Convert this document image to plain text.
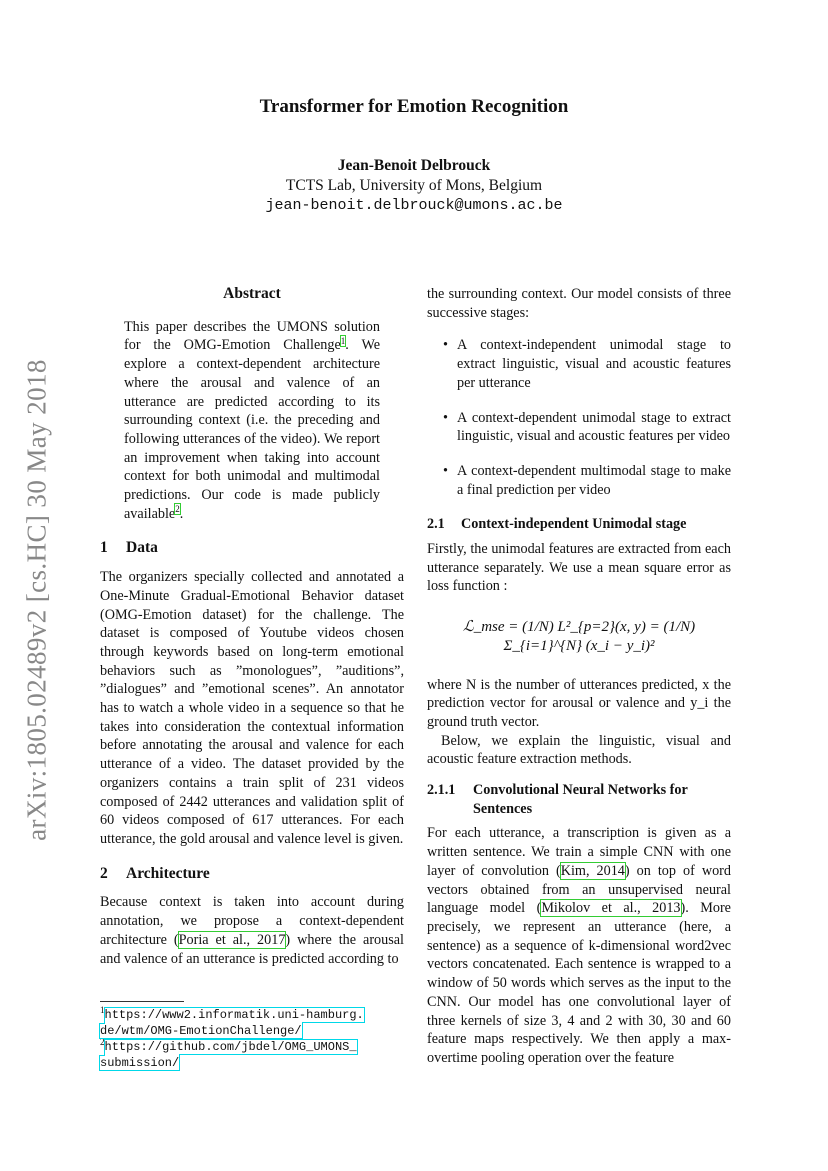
arXiv:1805.02489v2 [cs.HC] 30 May 2018
Transformer for Emotion Recognition
Jean-Benoit Delbrouck
TCTS Lab, University of Mons, Belgium
jean-benoit.delbrouck@umons.ac.be
Abstract

This paper describes the UMONS solution for the OMG-Emotion Challenge$^1$. We explore a context-dependent architecture where the arousal and valence of an utterance are predicted according to its surrounding context (i.e. the preceding and following utterances of the video). We report an improvement when taking into account context for both unimodal and multimodal predictions. Our code is made publicly available$^2$.

1 Data

The organizers specially collected and annotated a One-Minute Gradual-Emotional Behavior dataset (OMG-Emotion dataset) for the challenge. The dataset is composed of Youtube videos chosen through keywords based on long-term emotional behaviors such as ”monologues”, ”auditions”, ”dialogues” and ”emotional scenes”. An annotator has to watch a whole video in a sequence so that he takes into consideration the contextual information before annotating the arousal and valence for each utterance of a video. The dataset provided by the organizers contains a train split of 231 videos composed of 2442 utterances and validation split of 60 videos composed of 617 utterances. For each utterance, the gold arousal and valence level is given.

2 Architecture

Because context is taken into account during annotation, we propose a context-dependent architecture (Poria et al., 2017) where the arousal and valence of an utterance is predicted according to

$^1$https://www2.informatik.uni-hamburg.
de/wtm/OMG-EmotionChallenge/
$^2$https://github.com/jbdel/OMG_UMONS_
submission/

the surrounding context. Our model consists of three successive stages:

• A context-independent unimodal stage to extract linguistic, visual and acoustic features per utterance
• A context-dependent unimodal stage to extract linguistic, visual and acoustic features per video
• A context-dependent multimodal stage to make a final prediction per video
2.1 Context-independent Unimodal stage

Firstly, the unimodal features are extracted from each utterance separately. We use a mean square error as loss function :

ℒ_mse = (1/N) L²_{p=2}(x, y) = (1/N) Σ_{i=1}^{N} (x_i − y_i)²

where N is the number of utterances predicted, x the prediction vector for arousal or valence and y_i the ground truth vector.

Below, we explain the linguistic, visual and acoustic feature extraction methods.

2.1.1	Convolutional Neural Networks for Sentences

For each utterance, a transcription is given as a written sentence. We train a simple CNN with one layer of convolution (Kim, 2014) on top of word vectors obtained from an unsupervised neural language model (Mikolov et al., 2013). More precisely, we represent an utterance (here, a sentence) as a sequence of k-dimensional word2vec vectors concatenated. Each sentence is wrapped to a window of 50 words which serves as the input to the CNN. Our model has one convolutional layer of three kernels of size 3, 4 and 2 with 30, 30 and 60 feature maps respectively. We then apply a max-overtime pooling operation over the feature
